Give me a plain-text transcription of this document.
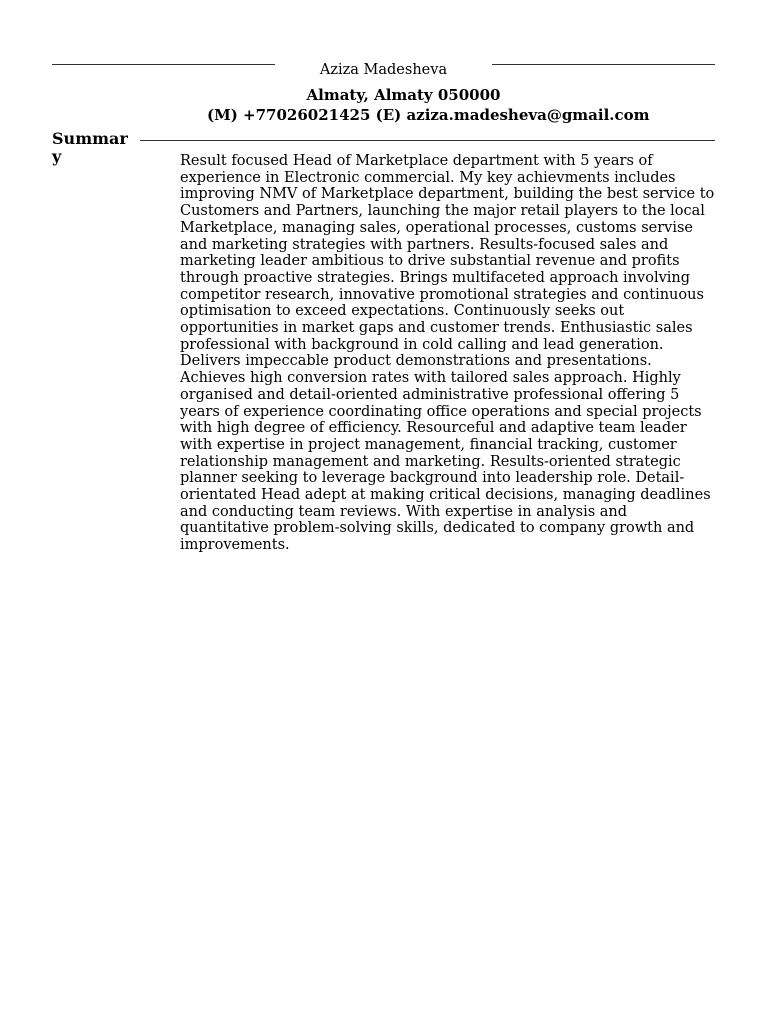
Aziza Madesheva
Almaty, Almaty 050000
(M) +77026021425 (E) aziza.madesheva@gmail.com
Summary	Result focused Head of Marketplace department with 5 years of experience in Electronic commercial. My key achievments includes improving NMV of Marketplace department, building the best service to Customers and Partners, launching the major retail players to the local Marketplace, managing sales, operational processes, customs servise and marketing strategies with partners. Results-focused sales and marketing leader ambitious to drive substantial revenue and profits through proactive strategies. Brings multifaceted approach involving competitor research, innovative promotional strategies and continuous optimisation to exceed expectations. Continuously seeks out opportunities in market gaps and customer trends. Enthusiastic sales professional with background in cold calling and lead generation.

Delivers impeccable product demonstrations and presentations. Achieves high conversion rates with tailored sales approach. Highly organised and detail-oriented administrative professional offering 5 years of experience coordinating office operations and special projects with high degree of efficiency. Resourceful and adaptive team leader with expertise in project management, financial tracking, customer relationship management and marketing. Results-oriented strategic planner seeking to leverage background into leadership role. Detail-orientated Head adept at making critical decisions, managing deadlines and conducting team reviews. With expertise in analysis and quantitative problem-solving skills, dedicated to company growth and improvements.
